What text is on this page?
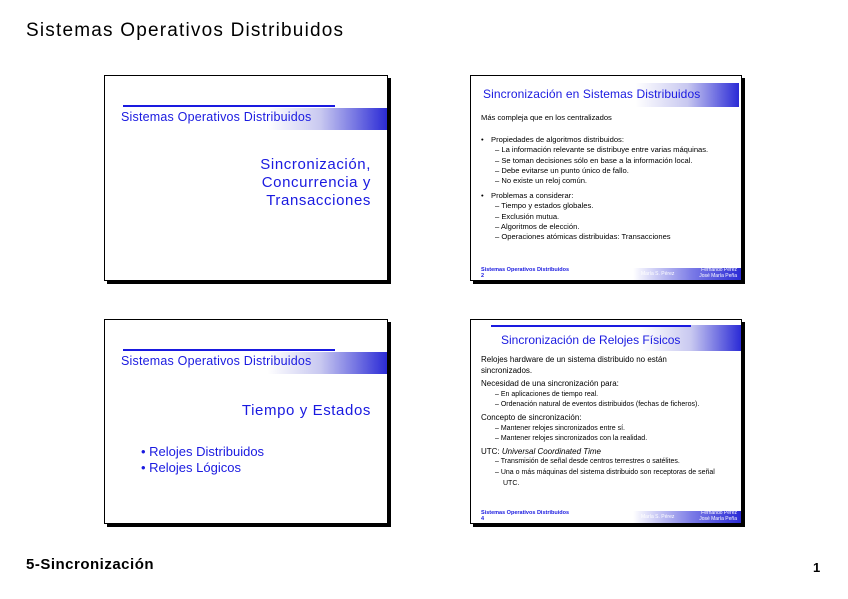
Sistemas Operativos Distribuidos
Sistemas Operativos Distribuidos
Sincronización,
Concurrencia y
Transacciones
Sincronización en Sistemas Distribuidos

Más compleja que en los centralizados

• Propiedades de algoritmos distribuidos:

– La información relevante se distribuye entre varias máquinas.

– Se toman decisiones sólo en base a la información local.

– Debe evitarse un punto único de fallo.

– No existe un reloj común.

• Problemas a considerar:

– Tiempo y estados globales.

– Exclusión mutua.

– Algoritmos de elección.

– Operaciones atómicas distribuidas: Transacciones

Sistemas Operativos Distribuidos
2	María S. Pérez
Fernando Pérez
José María Peña
Sistemas Operativos Distribuidos
Tiempo y Estados
• Relojes Distribuidos
• Relojes Lógicos
Sincronización de Relojes Físicos

Relojes hardware de un sistema distribuido no están

sincronizados.

Necesidad de una sincronización para:

– En aplicaciones de tiempo real.

– Ordenación natural de eventos distribuidos (fechas de ficheros).

Concepto de sincronización:

– Mantener relojes sincronizados entre sí.

– Mantener relojes sincronizados con la realidad.

UTC: Universal Coordinated Time

– Transmisión de señal desde centros terrestres o satélites.

– Una o más máquinas del sistema distribuido son receptoras de señal

UTC.

Sistemas Operativos Distribuidos
4	María S. Pérez
Fernando Pérez
José María Peña
5-Sincronización	1
